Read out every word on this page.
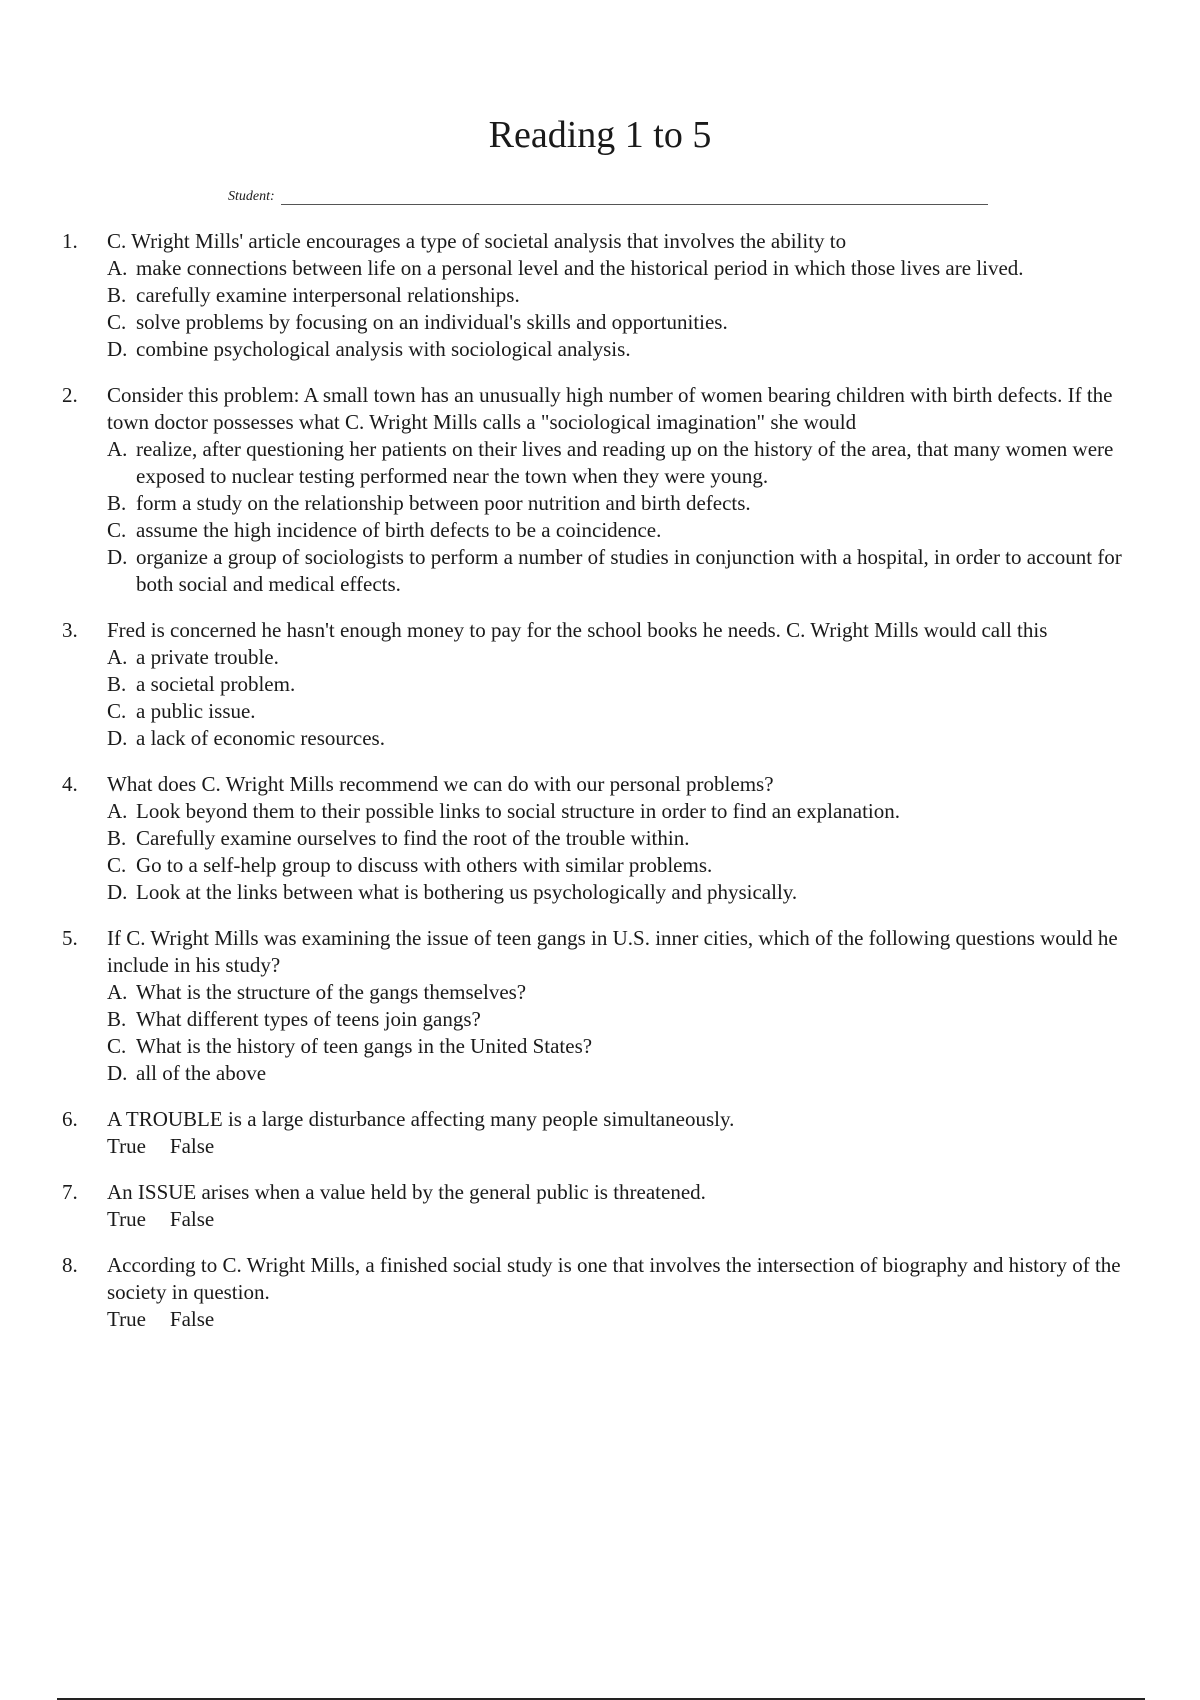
Reading 1 to 5
Student:
1.	C. Wright Mills' article encourages a type of societal analysis that involves the ability to
A. make connections between life on a personal level and the historical period in which those lives are lived.
B. carefully examine interpersonal relationships.
C. solve problems by focusing on an individual's skills and opportunities.
D. combine psychological analysis with sociological analysis.
2.	Consider this problem: A small town has an unusually high number of women bearing children with birth defects. If the town doctor possesses what C. Wright Mills calls a "sociological imagination" she would
A. realize, after questioning her patients on their lives and reading up on the history of the area, that many women were exposed to nuclear testing performed near the town when they were young.
B. form a study on the relationship between poor nutrition and birth defects.
C. assume the high incidence of birth defects to be a coincidence.
D. organize a group of sociologists to perform a number of studies in conjunction with a hospital, in order to account for both social and medical effects.
3.	Fred is concerned he hasn't enough money to pay for the school books he needs. C. Wright Mills would call this
A. a private trouble.
B. a societal problem.
C. a public issue.
D. a lack of economic resources.
4.	What does C. Wright Mills recommend we can do with our personal problems?
A. Look beyond them to their possible links to social structure in order to find an explanation.
B. Carefully examine ourselves to find the root of the trouble within.
C. Go to a self-help group to discuss with others with similar problems.
D. Look at the links between what is bothering us psychologically and physically.
5.	If C. Wright Mills was examining the issue of teen gangs in U.S. inner cities, which of the following questions would he include in his study?
A. What is the structure of the gangs themselves?
B. What different types of teens join gangs?
C. What is the history of teen gangs in the United States?
D. all of the above
6.	A TROUBLE is a large disturbance affecting many people simultaneously.
True False
7.	An ISSUE arises when a value held by the general public is threatened.
True False
8.	According to C. Wright Mills, a finished social study is one that involves the intersection of biography and history of the society in question.
True False
